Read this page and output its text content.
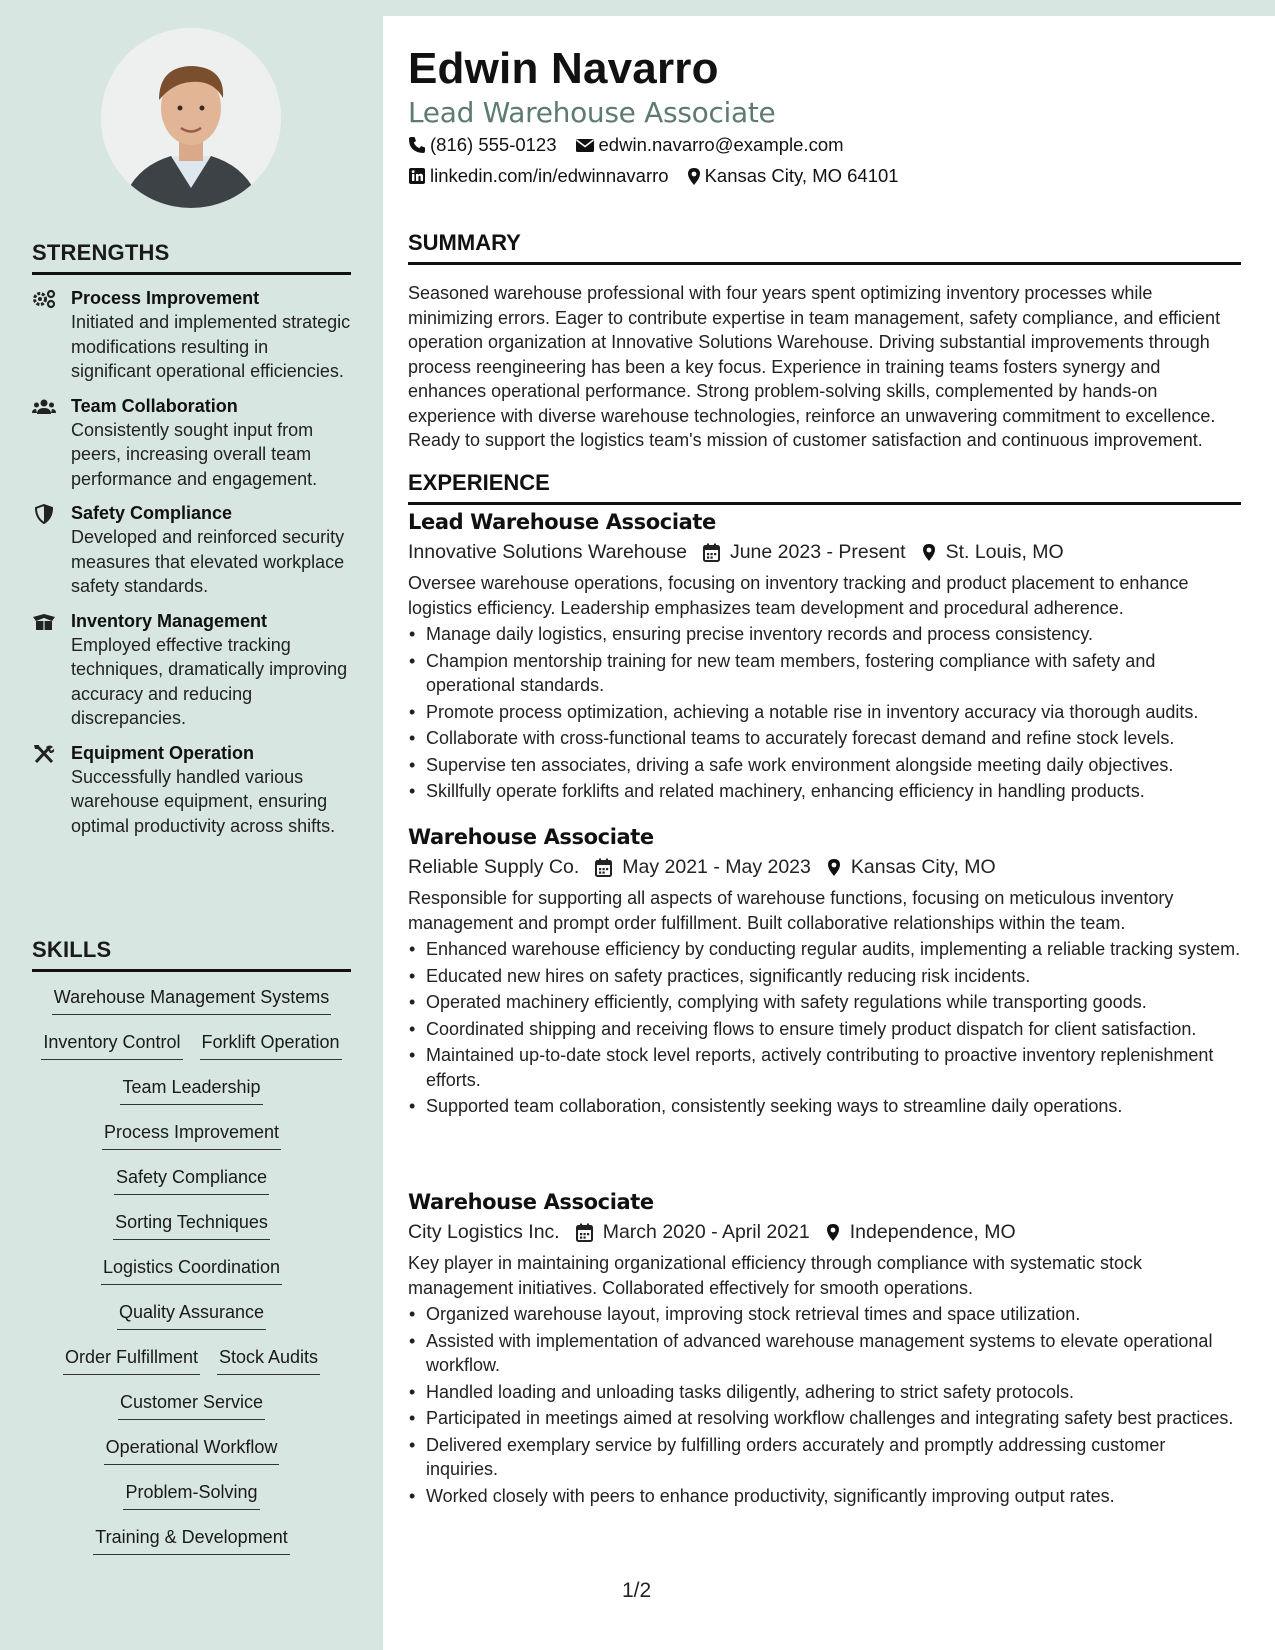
STRENGTHS
Process Improvement
Initiated and implemented strategic modifications resulting in significant operational efficiencies.
Team Collaboration
Consistently sought input from peers, increasing overall team performance and engagement.
Safety Compliance
Developed and reinforced security measures that elevated workplace safety standards.
Inventory Management
Employed effective tracking techniques, dramatically improving accuracy and reducing discrepancies.
Equipment Operation
Successfully handled various warehouse equipment, ensuring optimal productivity across shifts.
SKILLS
Warehouse Management Systems
Inventory Control Forklift Operation
Team Leadership
Process Improvement
Safety Compliance
Sorting Techniques
Logistics Coordination
Quality Assurance
Order Fulfillment Stock Audits
Customer Service
Operational Workflow
Problem-Solving
Training & Development
Edwin Navarro
Lead Warehouse Associate
(816) 555-0123 edwin.navarro@example.com
linkedin.com/in/edwinnavarro Kansas City, MO 64101
SUMMARY
Seasoned warehouse professional with four years spent optimizing inventory processes while minimizing errors. Eager to contribute expertise in team management, safety compliance, and efficient operation organization at Innovative Solutions Warehouse. Driving substantial improvements through process reengineering has been a key focus. Experience in training teams fosters synergy and enhances operational performance. Strong problem-solving skills, complemented by hands-on experience with diverse warehouse technologies, reinforce an unwavering commitment to excellence. Ready to support the logistics team's mission of customer satisfaction and continuous improvement.
EXPERIENCE
Lead Warehouse Associate
Innovative Solutions Warehouse June 2023 - Present St. Louis, MO
Oversee warehouse operations, focusing on inventory tracking and product placement to enhance logistics efficiency. Leadership emphasizes team development and procedural adherence.
• Manage daily logistics, ensuring precise inventory records and process consistency.
• Champion mentorship training for new team members, fostering compliance with safety and operational standards.
• Promote process optimization, achieving a notable rise in inventory accuracy via thorough audits.
• Collaborate with cross-functional teams to accurately forecast demand and refine stock levels.
• Supervise ten associates, driving a safe work environment alongside meeting daily objectives.
• Skillfully operate forklifts and related machinery, enhancing efficiency in handling products.
Warehouse Associate
Reliable Supply Co. May 2021 - May 2023 Kansas City, MO
Responsible for supporting all aspects of warehouse functions, focusing on meticulous inventory management and prompt order fulfillment. Built collaborative relationships within the team.
• Enhanced warehouse efficiency by conducting regular audits, implementing a reliable tracking system.
• Educated new hires on safety practices, significantly reducing risk incidents.
• Operated machinery efficiently, complying with safety regulations while transporting goods.
• Coordinated shipping and receiving flows to ensure timely product dispatch for client satisfaction.
• Maintained up-to-date stock level reports, actively contributing to proactive inventory replenishment efforts.
• Supported team collaboration, consistently seeking ways to streamline daily operations.
Warehouse Associate
City Logistics Inc. March 2020 - April 2021 Independence, MO
Key player in maintaining organizational efficiency through compliance with systematic stock management initiatives. Collaborated effectively for smooth operations.
• Organized warehouse layout, improving stock retrieval times and space utilization.
• Assisted with implementation of advanced warehouse management systems to elevate operational workflow.
• Handled loading and unloading tasks diligently, adhering to strict safety protocols.
• Participated in meetings aimed at resolving workflow challenges and integrating safety best practices.
• Delivered exemplary service by fulfilling orders accurately and promptly addressing customer inquiries.
• Worked closely with peers to enhance productivity, significantly improving output rates.
1/2
